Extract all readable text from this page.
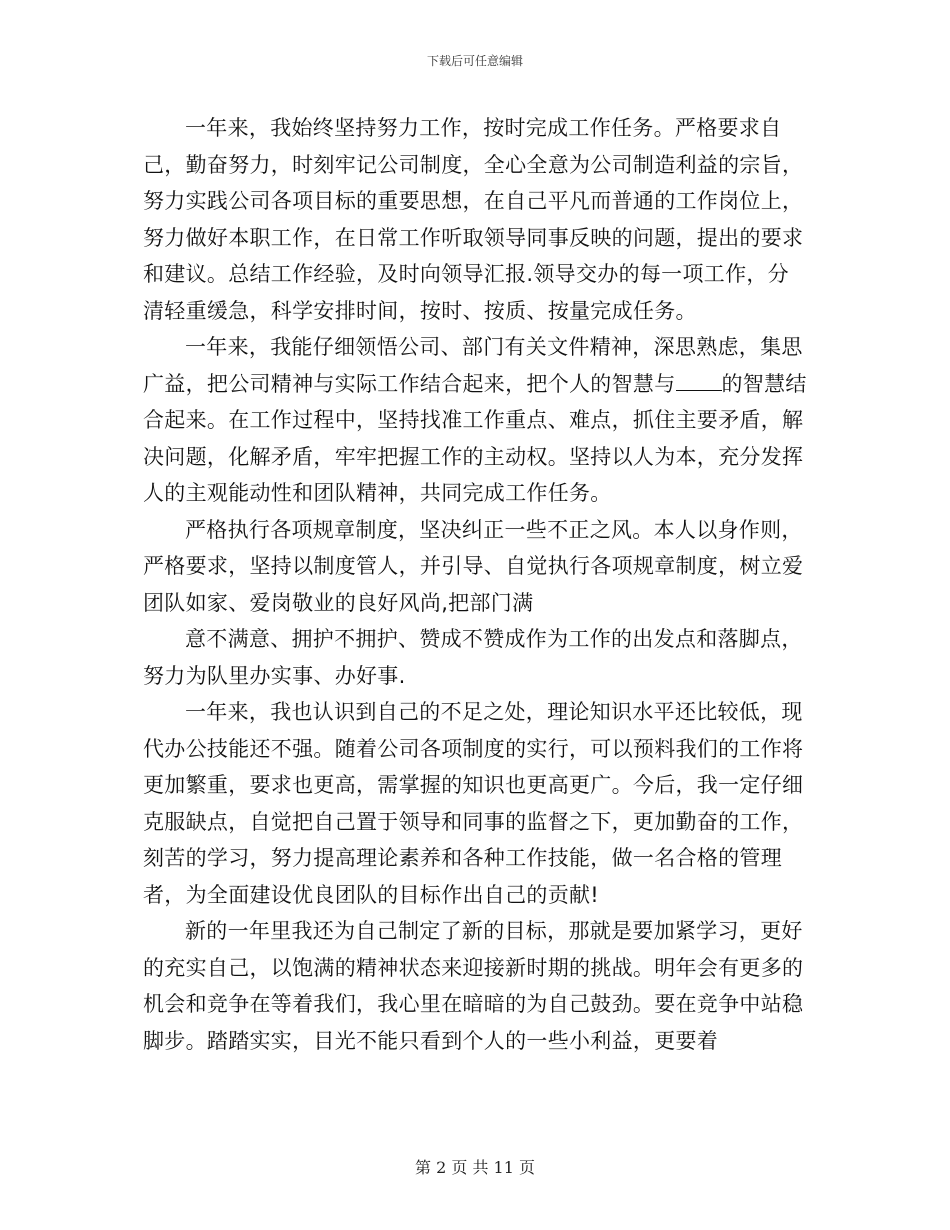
下载后可任意编辑

一年来，我始终坚持努力工作，按时完成工作任务。严格要求自己，勤奋努力，时刻牢记公司制度，全心全意为公司制造利益的宗旨，努力实践公司各项目标的重要思想，在自己平凡而普通的工作岗位上，努力做好本职工作，在日常工作听取领导同事反映的问题，提出的要求和建议。总结工作经验，及时向领导汇报.领导交办的每一项工作，分清轻重缓急，科学安排时间，按时、按质、按量完成任务。

一年来，我能仔细领悟公司、部门有关文件精神，深思熟虑，集思广益，把公司精神与实际工作结合起来，把个人的智慧与 的智慧结合起来。在工作过程中，坚持找准工作重点、难点，抓住主要矛盾，解决问题，化解矛盾，牢牢把握工作的主动权。坚持以人为本，充分发挥人的主观能动性和团队精神，共同完成工作任务。

严格执行各项规章制度，坚决纠正一些不正之风。本人以身作则，严格要求，坚持以制度管人，并引导、自觉执行各项规章制度，树立爱团队如家、爱岗敬业的良好风尚,把部门满

意不满意、拥护不拥护、赞成不赞成作为工作的出发点和落脚点，努力为队里办实事、办好事.

一年来，我也认识到自己的不足之处，理论知识水平还比较低，现代办公技能还不强。随着公司各项制度的实行，可以预料我们的工作将更加繁重，要求也更高，需掌握的知识也更高更广。今后，我一定仔细克服缺点，自觉把自己置于领导和同事的监督之下，更加勤奋的工作，刻苦的学习，努力提高理论素养和各种工作技能，做一名合格的管理者，为全面建设优良团队的目标作出自己的贡献!

新的一年里我还为自己制定了新的目标，那就是要加紧学习，更好的充实自己，以饱满的精神状态来迎接新时期的挑战。明年会有更多的机会和竞争在等着我们，我心里在暗暗的为自己鼓劲。要在竞争中站稳脚步。踏踏实实，目光不能只看到个人的一些小利益，更要着

第 2 页 共 11 页
